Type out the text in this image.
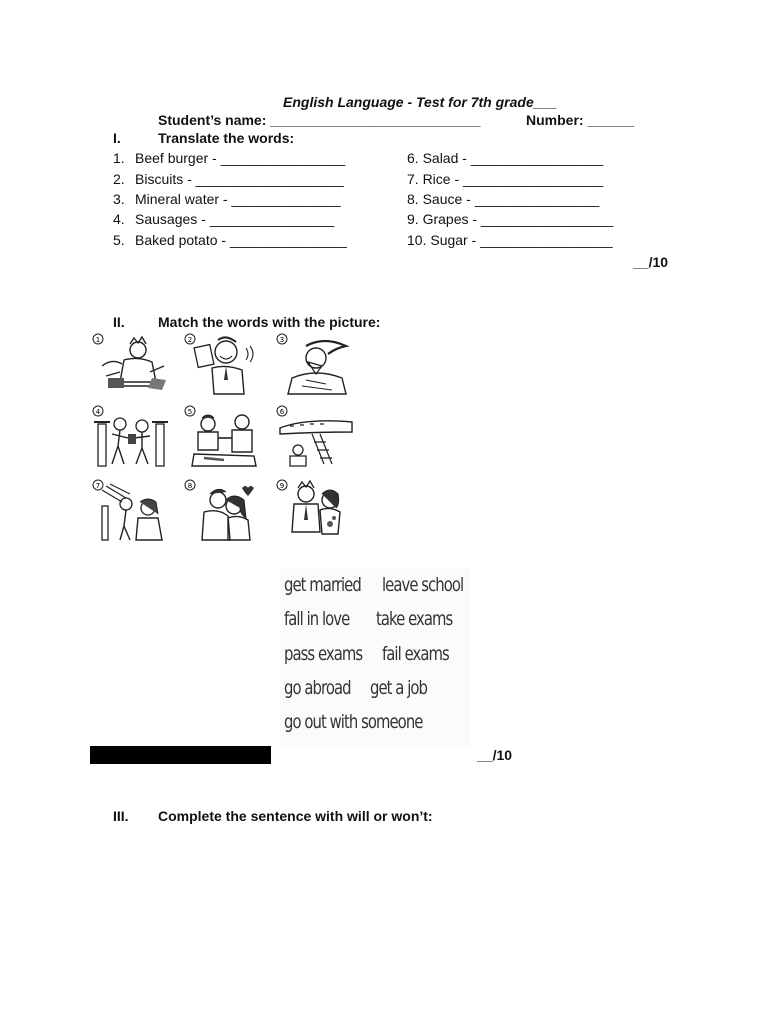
English Language - Test for 7th grade___
Student’s name: ___________________________	Number: ______
I.	Translate the words:
1. Beef burger - ________________
2. Biscuits - ___________________
3. Mineral water - ______________
4. Sausages - ________________
5. Baked potato - _______________
6. Salad - _________________
7. Rice - __________________
8. Sauce - ________________
9. Grapes - _________________
10. Sugar - _________________
__/10
II. Match the words with the picture:
1	2	3
4	5	6
7	8	9
get married leave school
fall in love take exams
pass exams fail exams
go abroad get a job
go out with someone
__/10
III. Complete the sentence with will or won’t:
